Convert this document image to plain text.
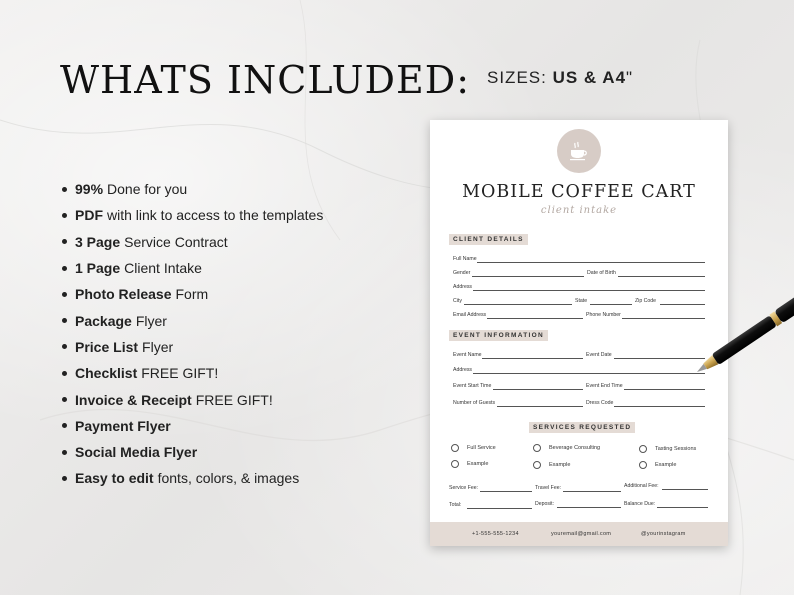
WHATS INCLUDED: SIZES: US & A4"
99% Done for you
PDF with link to access to the templates
3 Page Service Contract
1 Page Client Intake
Photo Release Form
Package Flyer
Price List Flyer
Checklist FREE GIFT!
Invoice & Receipt FREE GIFT!
Payment Flyer
Social Media Flyer
Easy to edit fonts, colors, & images
MOBILE COFFEE CART
client intake
CLIENT DETAILS
Full Name
Gender	Date of Birth
Address
City	State	Zip Code
Email Address	Phone Number
EVENT INFORMATION
Event Name	Event Date
Address
Event Start Time	Event End Time
Number of Guests	Dress Code
SERVICES REQUESTED
Full Service	Beverage Consulting	Tasting Sessions
Example	Example	Example
Service Fee:	Travel Fee:	Additional Fee:
Total:	Deposit:	Balance Due:
+1-555-555-1234	youremail@gmail.com	@yourinstagram
